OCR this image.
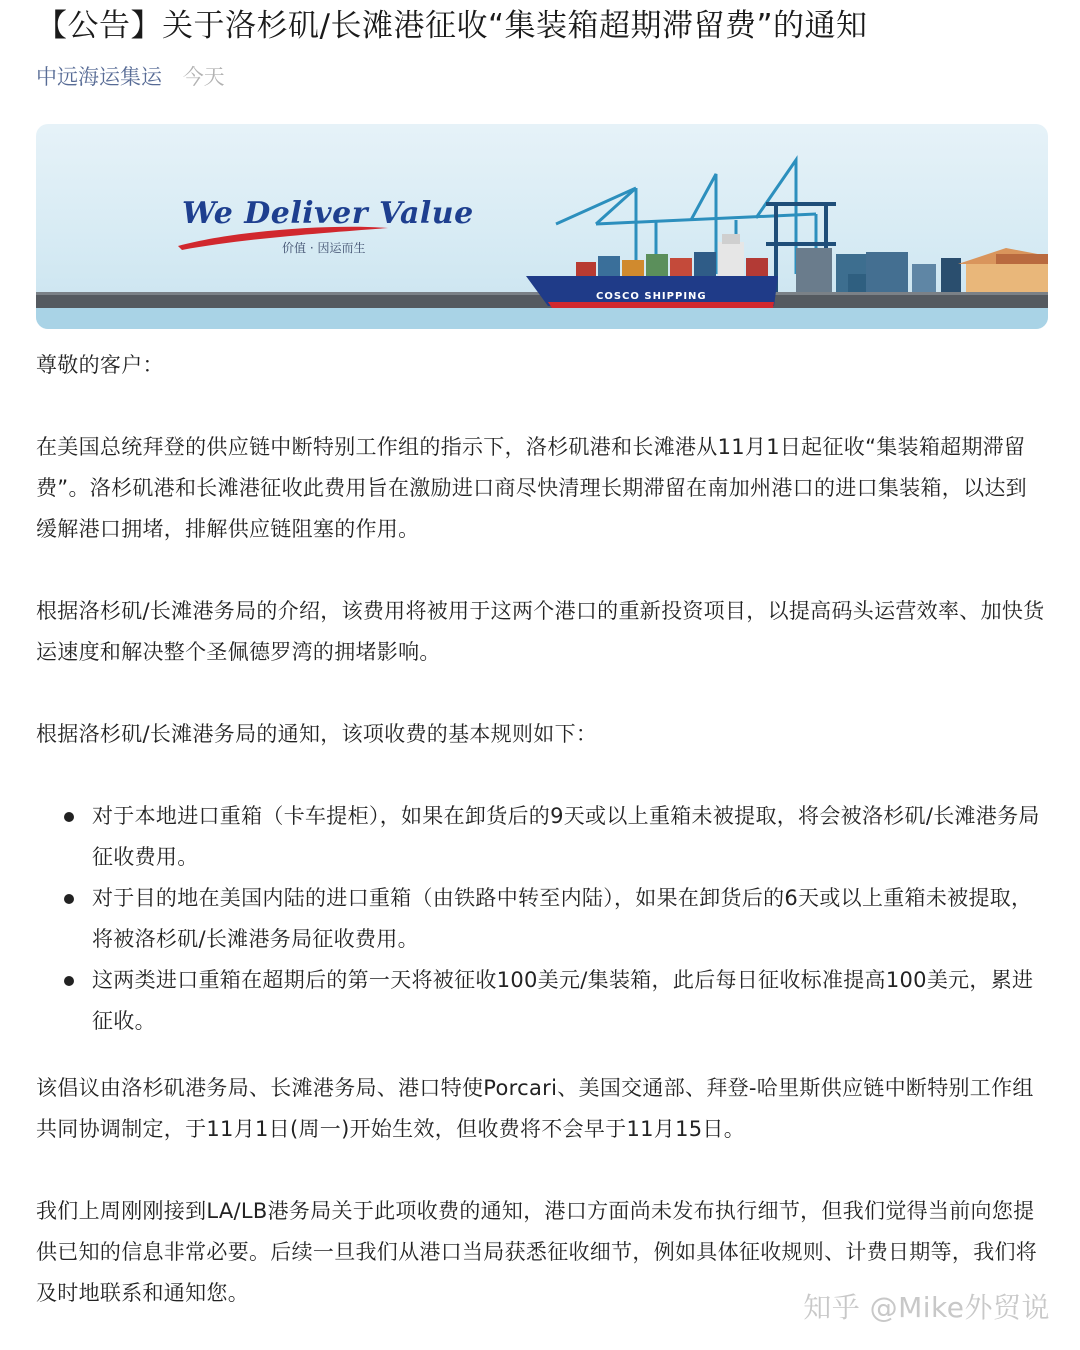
【公告】关于洛杉矶/长滩港征收“集装箱超期滞留费”的通知
中远海运集运 今天
We Deliver Value
价值 · 因运而生
COSCO SHIPPING

尊敬的客户：

在美国总统拜登的供应链中断特别工作组的指示下，洛杉矶港和长滩港从11月1日起征收“集装箱超期滞留费”。洛杉矶港和长滩港征收此费用旨在激励进口商尽快清理长期滞留在南加州港口的进口集装箱，以达到缓解港口拥堵，排解供应链阻塞的作用。

根据洛杉矶/长滩港务局的介绍，该费用将被用于这两个港口的重新投资项目，以提高码头运营效率、加快货运速度和解决整个圣佩德罗湾的拥堵影响。

根据洛杉矶/长滩港务局的通知，该项收费的基本规则如下：

对于本地进口重箱（卡车提柜），如果在卸货后的9天或以上重箱未被提取，将会被洛杉矶/长滩港务局征收费用。
对于目的地在美国内陆的进口重箱（由铁路中转至内陆），如果在卸货后的6天或以上重箱未被提取，将被洛杉矶/长滩港务局征收费用。
这两类进口重箱在超期后的第一天将被征收100美元/集装箱，此后每日征收标准提高100美元，累进征收。

该倡议由洛杉矶港务局、长滩港务局、港口特使Porcari、美国交通部、拜登-哈里斯供应链中断特别工作组共同协调制定，于11月1日(周一)开始生效，但收费将不会早于11月15日。

我们上周刚刚接到LA/LB港务局关于此项收费的通知，港口方面尚未发布执行细节，但我们觉得当前向您提供已知的信息非常必要。后续一旦我们从港口当局获悉征收细节，例如具体征收规则、计费日期等，我们将及时地联系和通知您。	知乎 @Mike外贸说
